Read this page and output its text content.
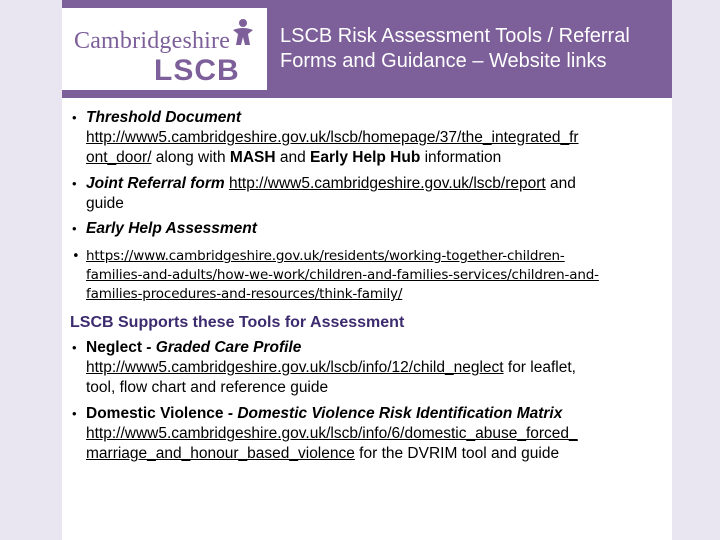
Cambridgeshire
LSCB
LSCB Risk Assessment Tools / Referral
Forms and Guidance – Website links
• Threshold Document
http://www5.cambridgeshire.gov.uk/lscb/homepage/37/the_integrated_fr
ont_door/ along with MASH and Early Help Hub information
• Joint Referral form http://www5.cambridgeshire.gov.uk/lscb/report and
guide
• Early Help Assessment
• https://www.cambridgeshire.gov.uk/residents/working-together-children-
families-and-adults/how-we-work/children-and-families-services/children-and-
families-procedures-and-resources/think-family/
LSCB Supports these Tools for Assessment
• Neglect - Graded Care Profile
http://www5.cambridgeshire.gov.uk/lscb/info/12/child_neglect for leaflet,
tool, flow chart and reference guide
• Domestic Violence - Domestic Violence Risk Identification Matrix
http://www5.cambridgeshire.gov.uk/lscb/info/6/domestic_abuse_forced_
marriage_and_honour_based_violence for the DVRIM tool and guide
